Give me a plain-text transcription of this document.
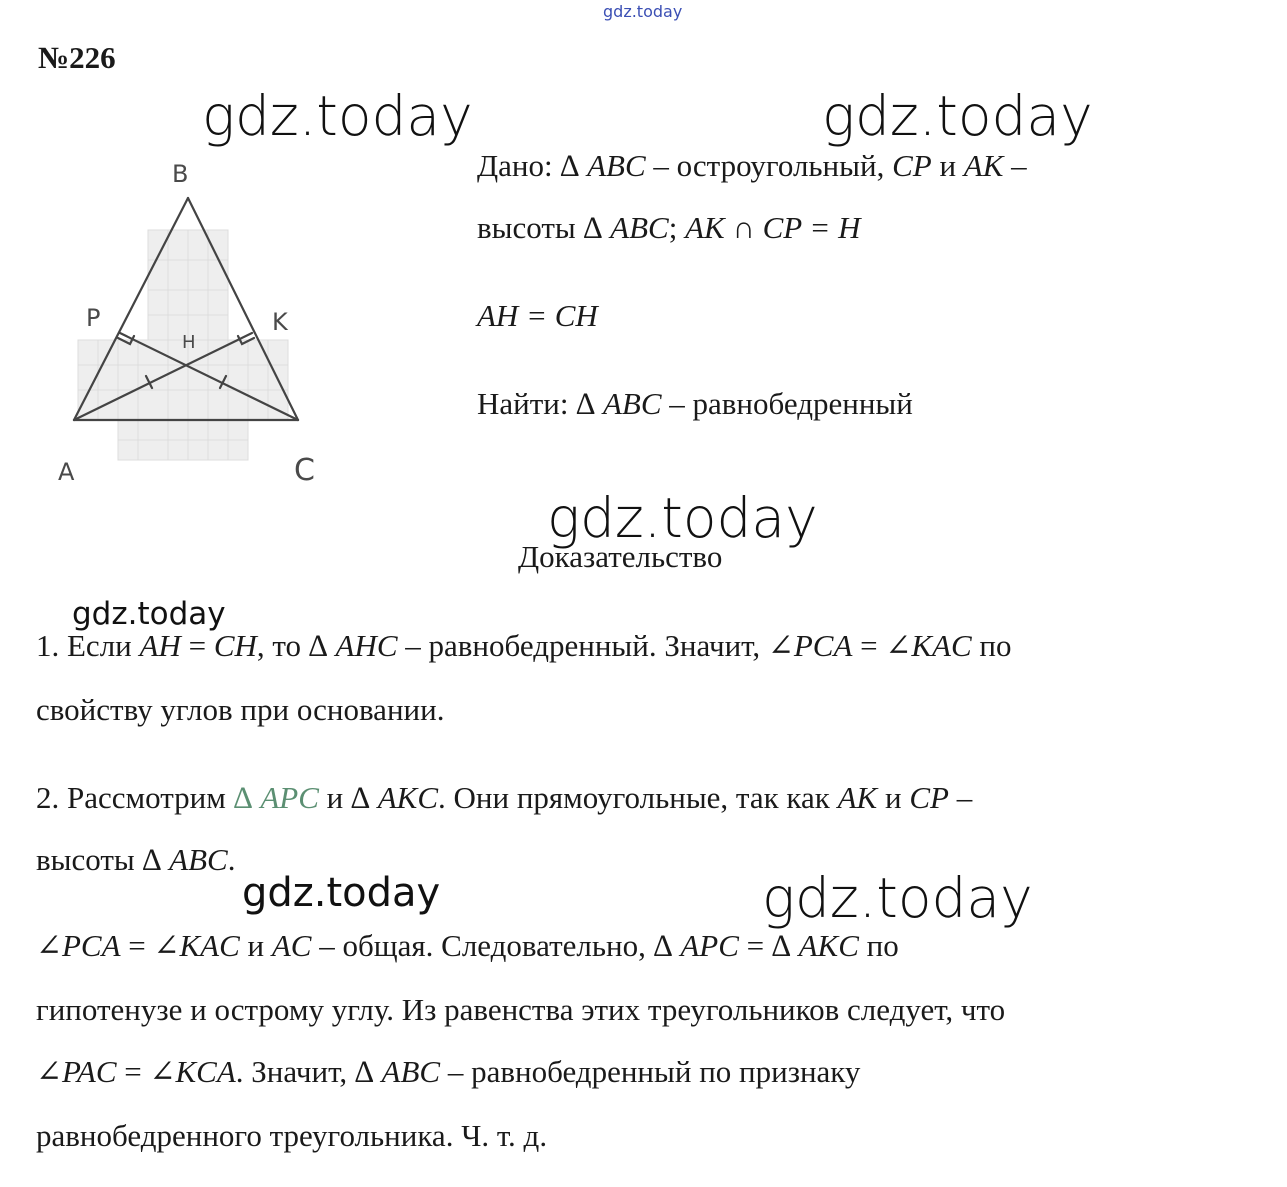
gdz.today
№226
gdz.today	gdz.today
gdz.today
gdz.today
gdz.today
gdz.today
B
A	C
P	K
H
Дано: ∆ ABC – остроугольный, CP и AK –
высоты ∆ ABC; AK ∩ CP = H
AH = CH
Найти: ∆ ABC – равнобедренный
Доказательство
1. Если AH = CH, то ∆ AHC – равнобедренный. Значит, ∠PCA = ∠KAC по
свойству углов при основании.
2. Рассмотрим ∆ APC и ∆ AKC. Они прямоугольные, так как AK и CP –
высоты ∆ ABC.
∠PCA = ∠KAC и AC – общая. Следовательно, ∆ APC = ∆ AKC по
гипотенузе и острому углу. Из равенства этих треугольников следует, что
∠PAC = ∠KCA. Значит, ∆ ABC – равнобедренный по признаку
равнобедренного треугольника. Ч. т. д.
